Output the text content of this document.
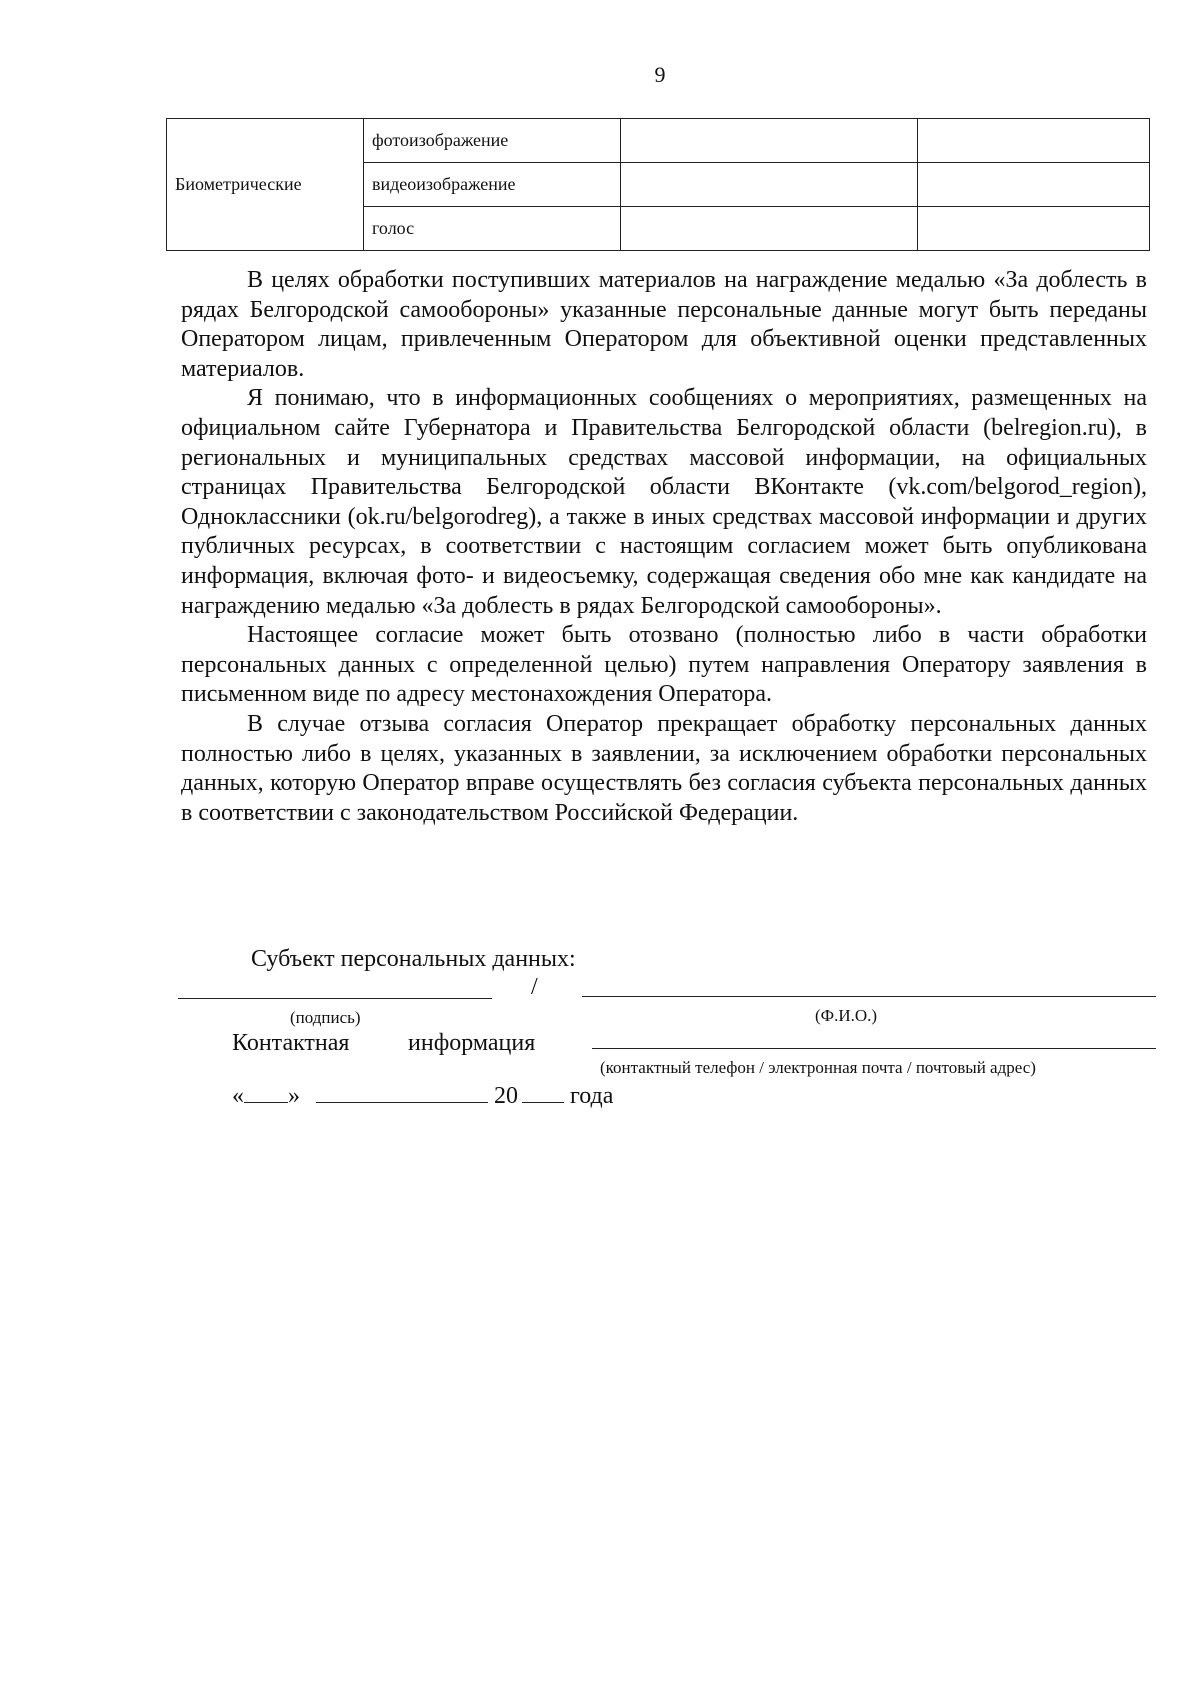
9
Биометрические	фотоизображение		
	видеоизображение		
	голос		

В целях обработки поступивших материалов на награждение медалью «За доблесть в рядах Белгородской самообороны» указанные персональные данные могут быть переданы Оператором лицам, привлеченным Оператором для объективной оценки представленных материалов.

Я понимаю, что в информационных сообщениях о мероприятиях, размещенных на официальном сайте Губернатора и Правительства Белгородской области (belregion.ru), в региональных и муниципальных средствах массовой информации, на официальных страницах Правительства Белгородской области ВКонтакте (vk.com/belgorod_region), Одноклассники (ok.ru/belgorodreg), а также в иных средствах массовой информации и других публичных ресурсах, в соответствии с настоящим согласием может быть опубликована информация, включая фото- и видеосъемку, содержащая сведения обо мне как кандидате на награждению медалью «За доблесть в рядах Белгородской самообороны».

Настоящее согласие может быть отозвано (полностью либо в части обработки персональных данных с определенной целью) путем направления Оператору заявления в письменном виде по адресу местонахождения Оператора.

В случае отзыва согласия Оператор прекращает обработку персональных данных полностью либо в целях, указанных в заявлении, за исключением обработки персональных данных, которую Оператор вправе осуществлять без согласия субъекта персональных данных в соответствии с законодательством Российской Федерации.

Субъект персональных данных:
/
(подпись)	(Ф.И.О.)
Контактная информация
(контактный телефон / электронная почта / почтовый адрес)
« »	20 года
